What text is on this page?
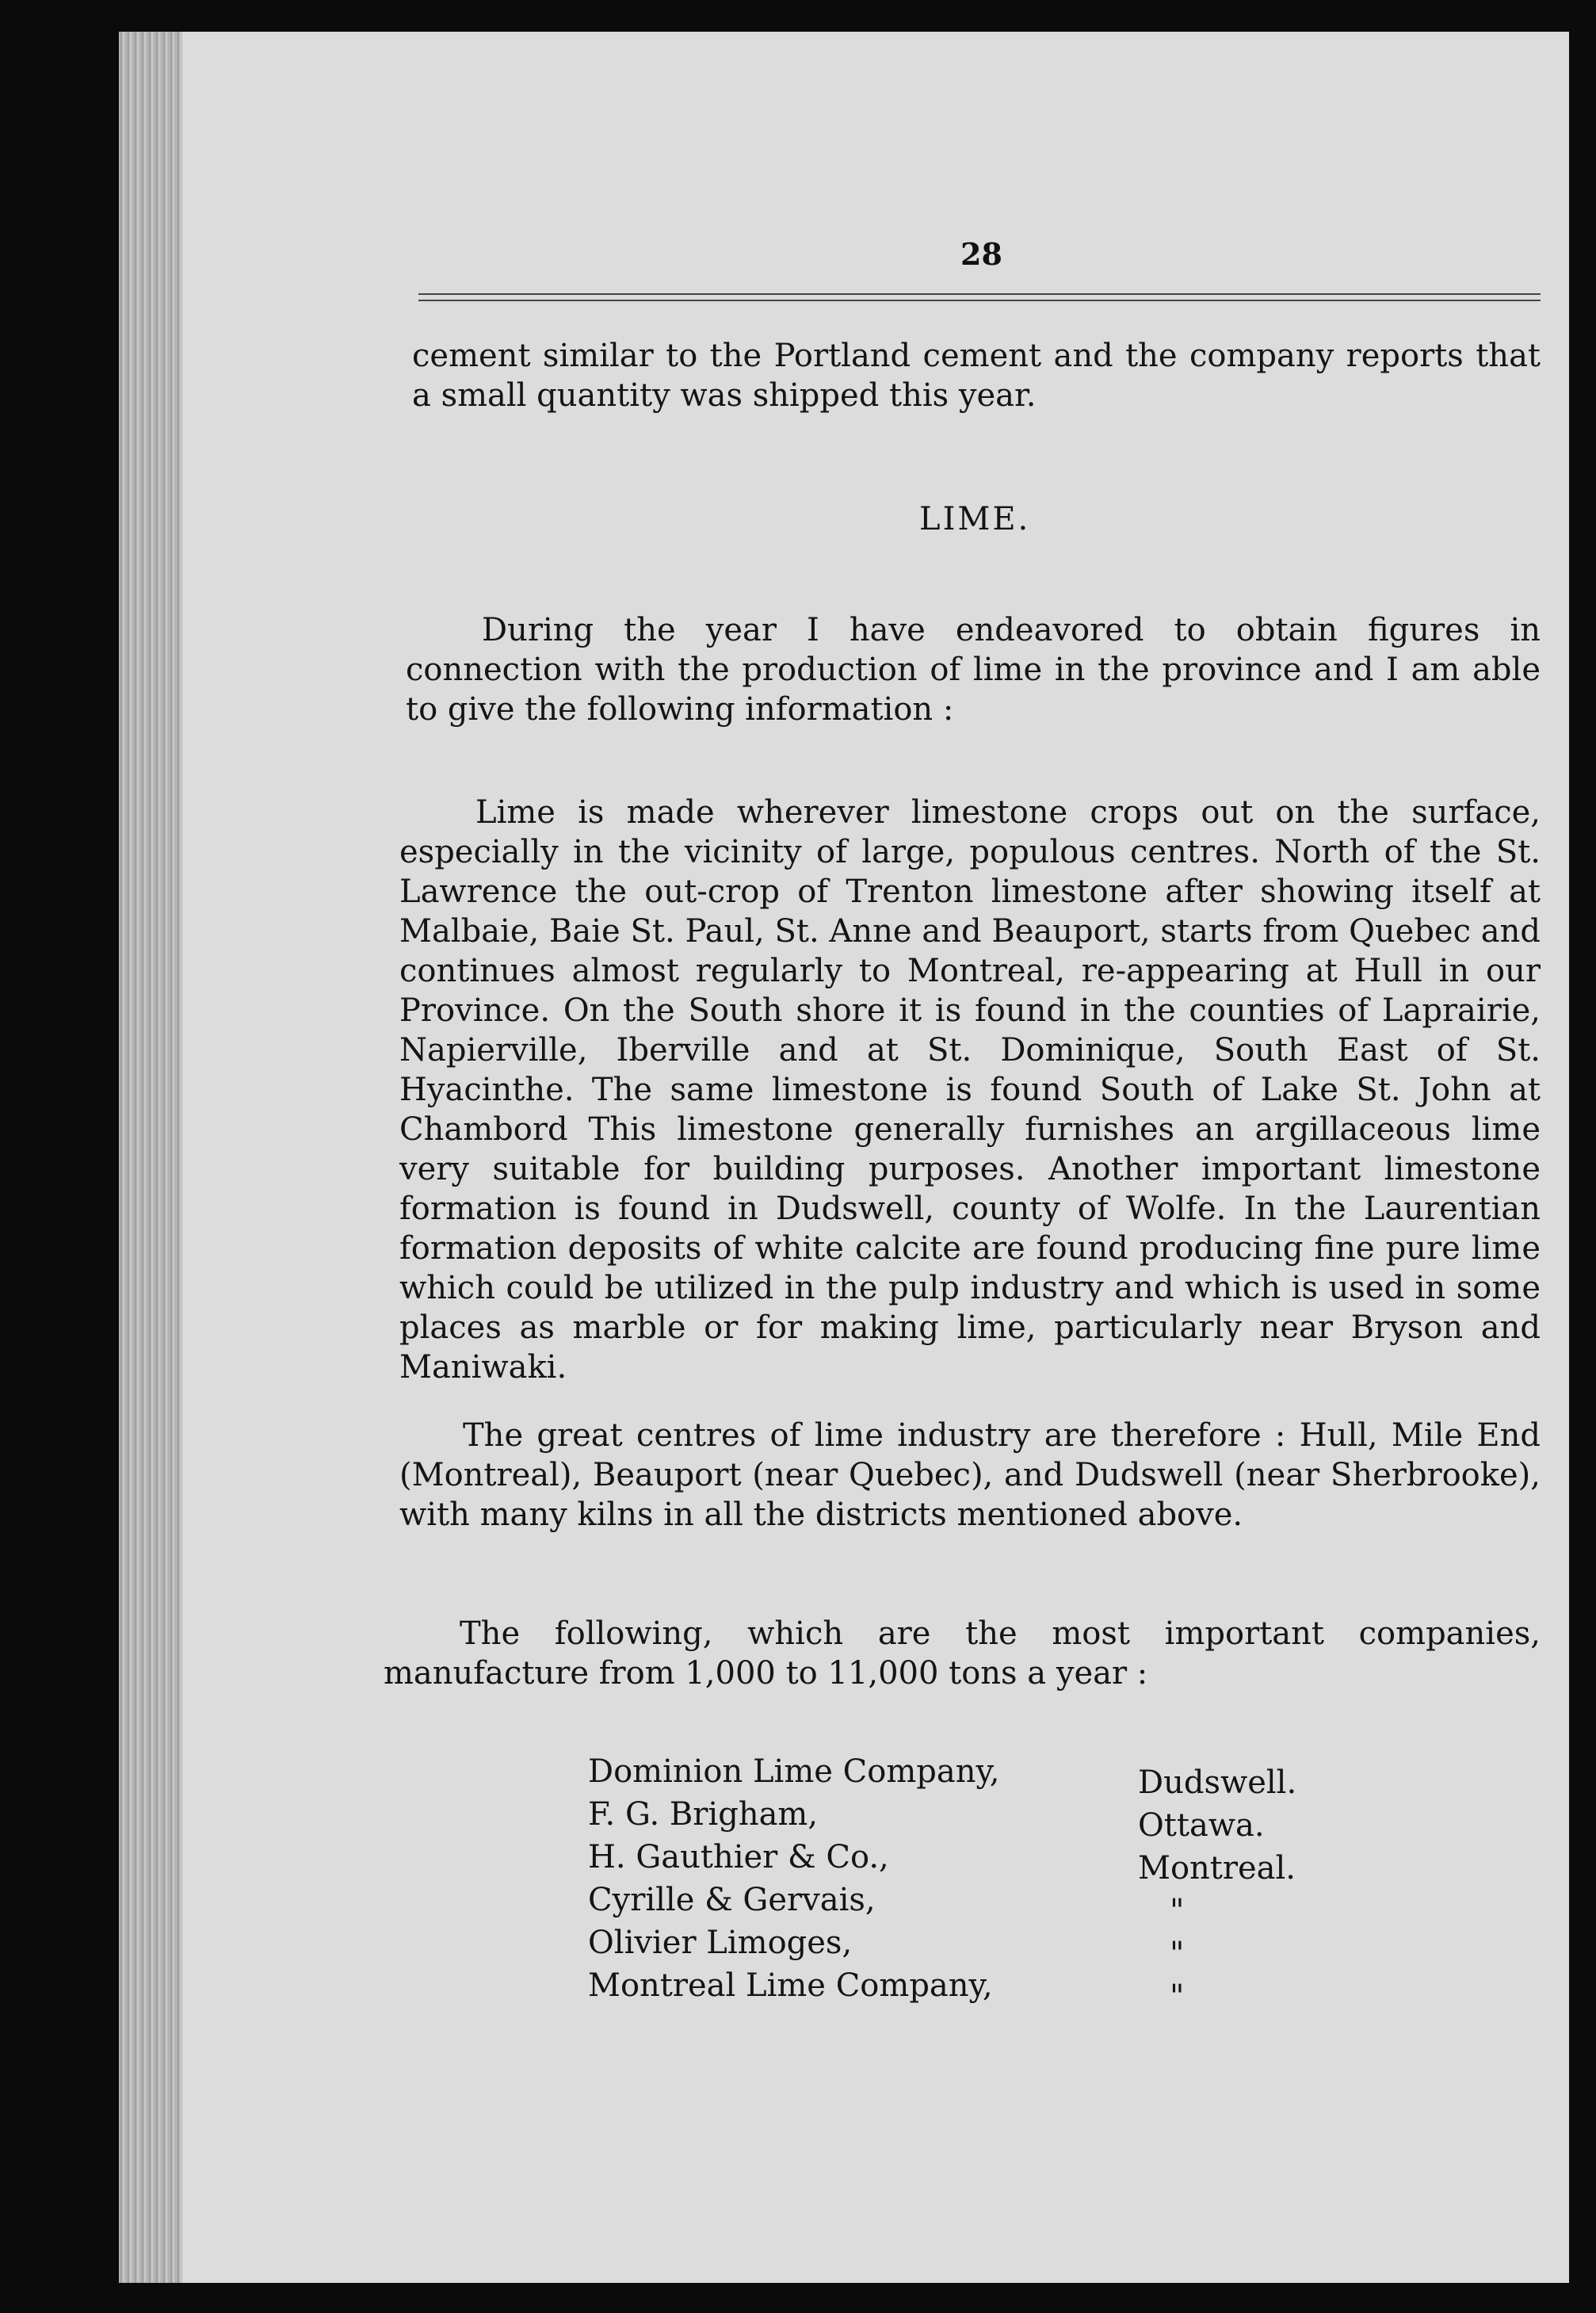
28
cement similar to the Portland cement and the company reports that a small quantity was shipped this year.
LIME.
During the year I have endeavored to obtain figures in connection with the production of lime in the province and I am able to give the following information :
Lime is made wherever limestone crops out on the surface, especially in the vicinity of large, populous centres. North of the St. Lawrence the out-crop of Trenton limestone after showing itself at Malbaie, Baie St. Paul, St. Anne and Beauport, starts from Quebec and continues almost regularly to Montreal, re-appearing at Hull in our Province. On the South shore it is found in the counties of Laprairie, Napierville, Iberville and at St. Dominique, South East of St. Hyacinthe. The same limestone is found South of Lake St. John at Chambord This limestone generally furnishes an argillaceous lime very suitable for building purposes. Another important limestone formation is found in Dudswell, county of Wolfe. In the Laurentian formation deposits of white calcite are found producing fine pure lime which could be utilized in the pulp industry and which is used in some places as marble or for making lime, particularly near Bryson and Maniwaki.
The great centres of lime industry are therefore : Hull, Mile End (Montreal), Beauport (near Quebec), and Dudswell (near Sherbrooke), with many kilns in all the districts mentioned above.
The following, which are the most important companies, manufacture from 1,000 to 11,000 tons a year :
Dominion Lime Company,
F. G. Brigham,
H. Gauthier & Co.,
Cyrille & Gervais,
Olivier Limoges,
Montreal Lime Company,
Dudswell.
Ottawa.
Montreal.
"
"
"
